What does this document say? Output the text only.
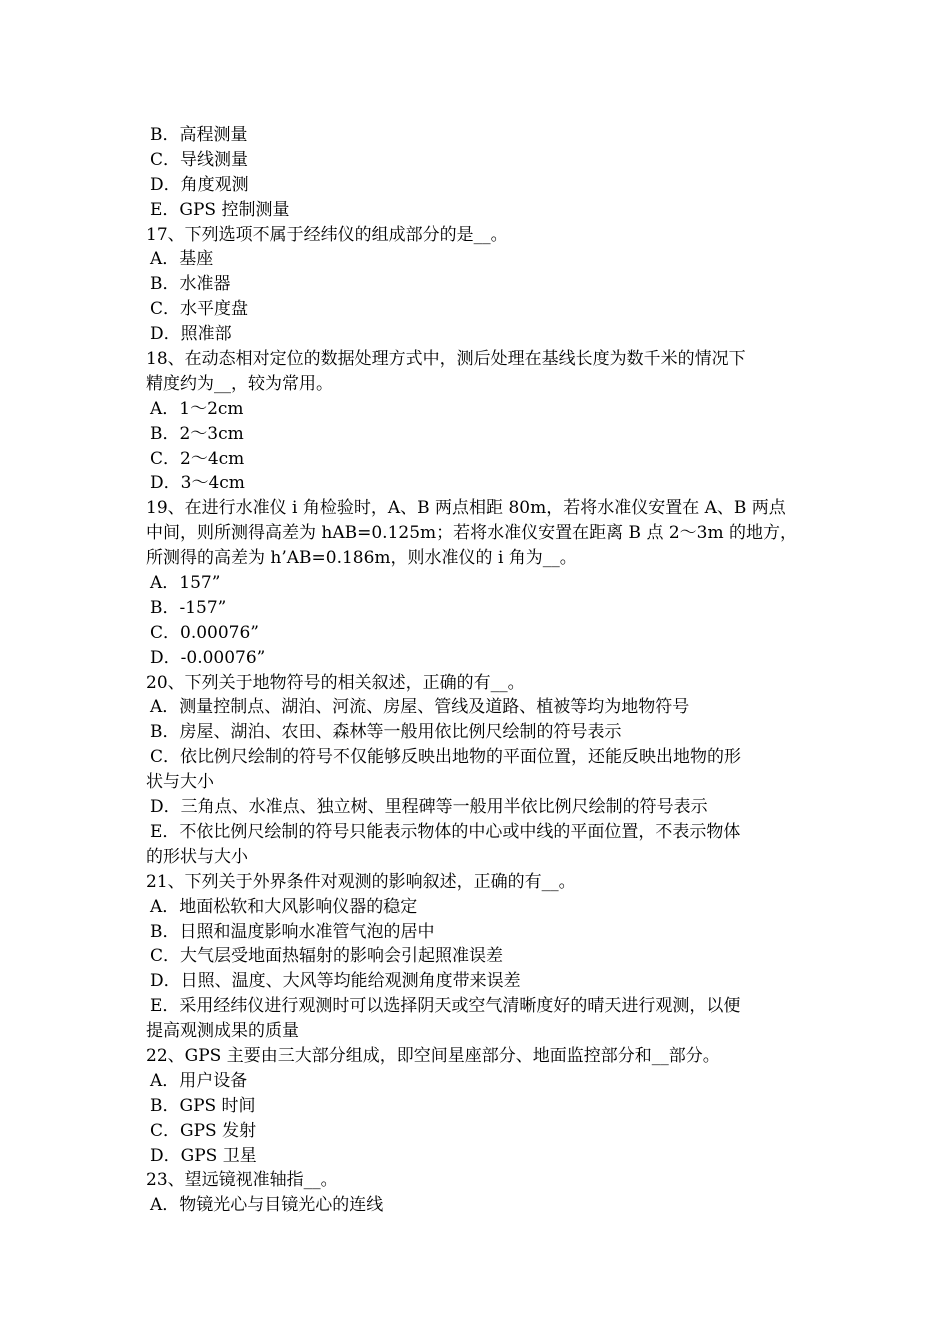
B．高程测量
C．导线测量
D．角度观测
E．GPS 控制测量
17、下列选项不属于经纬仪的组成部分的是__。
A．基座
B．水准器
C．水平度盘
D．照准部
18、在动态相对定位的数据处理方式中，测后处理在基线长度为数千米的情况下
精度约为__，较为常用。
A．1～2cm
B．2～3cm
C．2～4cm
D．3～4cm
19、在进行水准仪 i 角检验时，A、B 两点相距 80m，若将水准仪安置在 A、B 两点
中间，则所测得高差为 hAB=0.125m；若将水准仪安置在距离 B 点 2～3m 的地方，
所测得的高差为 h’AB=0.186m，则水准仪的 i 角为__。
A．157”
B．-157”
C．0.00076”
D．-0.00076”
20、下列关于地物符号的相关叙述，正确的有__。
A．测量控制点、湖泊、河流、房屋、管线及道路、植被等均为地物符号
B．房屋、湖泊、农田、森林等一般用依比例尺绘制的符号表示
C．依比例尺绘制的符号不仅能够反映出地物的平面位置，还能反映出地物的形
状与大小
D．三角点、水准点、独立树、里程碑等一般用半依比例尺绘制的符号表示
E．不依比例尺绘制的符号只能表示物体的中心或中线的平面位置，不表示物体
的形状与大小
21、下列关于外界条件对观测的影响叙述，正确的有__。
A．地面松软和大风影响仪器的稳定
B．日照和温度影响水准管气泡的居中
C．大气层受地面热辐射的影响会引起照准误差
D．日照、温度、大风等均能给观测角度带来误差
E．采用经纬仪进行观测时可以选择阴天或空气清晰度好的晴天进行观测，以便
提高观测成果的质量
22、GPS 主要由三大部分组成，即空间星座部分、地面监控部分和__部分。
A．用户设备
B．GPS 时间
C．GPS 发射
D．GPS 卫星
23、望远镜视准轴指__。
A．物镜光心与目镜光心的连线
